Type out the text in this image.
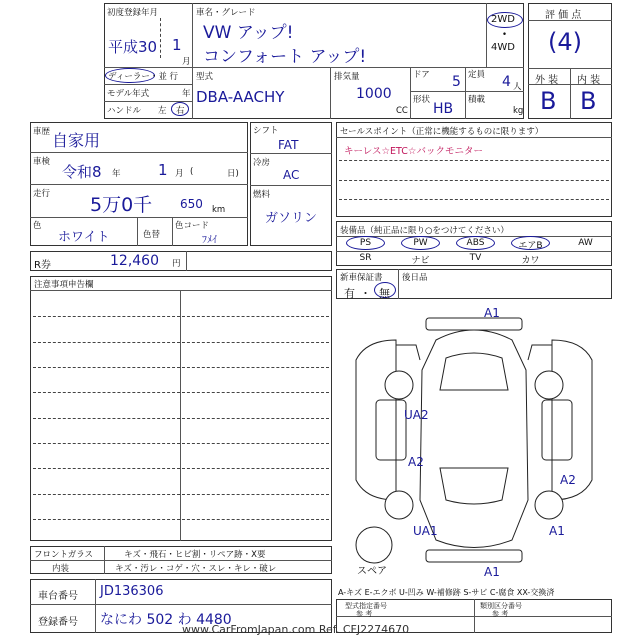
初度登録年月
平成30 1
月
車名・グレード
VW アップ!
コンフォート アップ!
2WD
•
4WD
評 価 点
(4)
外 装 内 装
B B
ディーラー・並 行
モデル年式	年
ハンドル 左 右
型式
DBA-AACHY
排気量
1000
CC
ドア 5 定員 4 人
形状
HB
積載
kg
車歴 自家用
車検
令和8 年 1 月 (	日)
走行 5万0千 650 km
色
ホワイト	色替
色コード
ﾌﾒｲ
シフト
FAT
冷房
AC
燃料
ガソリン
R券	12,460 円
注意事項申告欄
セールスポイント（正常に機能するものに限ります）
キーレス☆ETC☆バックモニター
装備品（純正品に限り○をつけてください）
PS	PW	ABS	エアB	AW
SR	ナビ	TV	カワ
新車保証書 後日品
有 ・ 無
A1
UA2
A2
A2
UA1	A1
A1
スペア
フロントガラス	キズ・飛石・ヒビ割・リペア跡・X要
内装	キズ・汚レ・コゲ・穴・スレ・キレ・破レ
車台番号 JD136306
登録番号 なにわ 502 わ 4480
A-キズ E-エクボ U-凹み W-補修跡 S-サビ C-腐食 XX-交換済
型式指定番号
参 考
類別区分番号
参 考
www.CarFromJapan.com Ref. CFJ2274670
